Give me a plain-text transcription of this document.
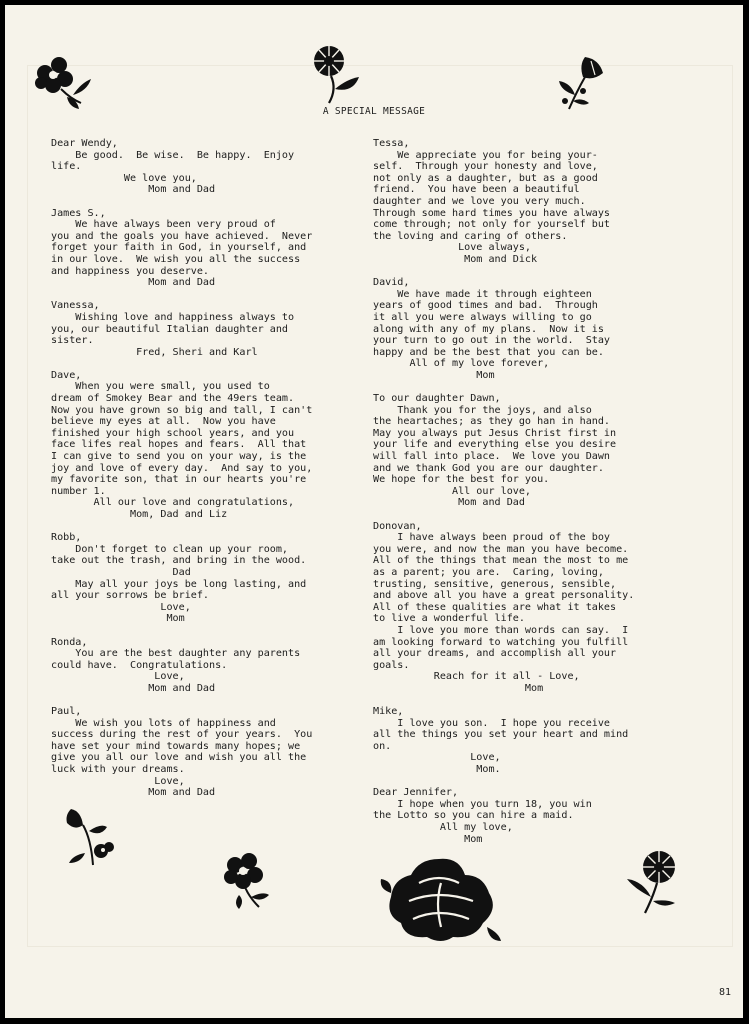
A SPECIAL MESSAGE
Dear Wendy,
Be good.  Be wise.  Be happy.  Enjoy
life.
We love you,
Mom and Dad
James S.,
We have always been very proud of
you and the goals you have achieved.  Never
forget your faith in God, in yourself, and
in our love.  We wish you all the success
and happiness you deserve.
Mom and Dad
Vanessa,
Wishing love and happiness always to
you, our beautiful Italian daughter and
sister.
Fred, Sheri and Karl
Dave,
When you were small, you used to
dream of Smokey Bear and the 49ers team.
Now you have grown so big and tall, I can't
believe my eyes at all.  Now you have
finished your high school years, and you
face lifes real hopes and fears.  All that
I can give to send you on your way, is the
joy and love of every day.  And say to you,
my favorite son, that in our hearts you're
number 1.
All our love and congratulations,
Mom, Dad and Liz
Robb,
Don't forget to clean up your room,
take out the trash, and bring in the wood.
Dad
May all your joys be long lasting, and
all your sorrows be brief.
Love,
Mom
Ronda,
You are the best daughter any parents
could have.  Congratulations.
Love,
Mom and Dad
Paul,
We wish you lots of happiness and
success during the rest of your years.  You
have set your mind towards many hopes; we
give you all our love and wish you all the
luck with your dreams.
Love,
Mom and Dad
Tessa,
We appreciate you for being your-
self.  Through your honesty and love,
not only as a daughter, but as a good
friend.  You have been a beautiful
daughter and we love you very much.
Through some hard times you have always
come through; not only for yourself but
the loving and caring of others.
Love always,
Mom and Dick
David,
We have made it through eighteen
years of good times and bad.  Through
it all you were always willing to go
along with any of my plans.  Now it is
your turn to go out in the world.  Stay
happy and be the best that you can be.
All of my love forever,
Mom
To our daughter Dawn,
Thank you for the joys, and also
the heartaches; as they go han in hand.
May you always put Jesus Christ first in
your life and everything else you desire
will fall into place.  We love you Dawn
and we thank God you are our daughter.
We hope for the best for you.
All our love,
Mom and Dad
Donovan,
I have always been proud of the boy
you were, and now the man you have become.
All of the things that mean the most to me
as a parent; you are.  Caring, loving,
trusting, sensitive, generous, sensible,
and above all you have a great personality.
All of these qualities are what it takes
to live a wonderful life.
I love you more than words can say.  I
am looking forward to watching you fulfill
all your dreams, and accomplish all your
goals.
Reach for it all - Love,
Mom
Mike,
I love you son.  I hope you receive
all the things you set your heart and mind
on.
Love,
Mom.
Dear Jennifer,
I hope when you turn 18, you win
the Lotto so you can hire a maid.
All my love,
Mom
81
